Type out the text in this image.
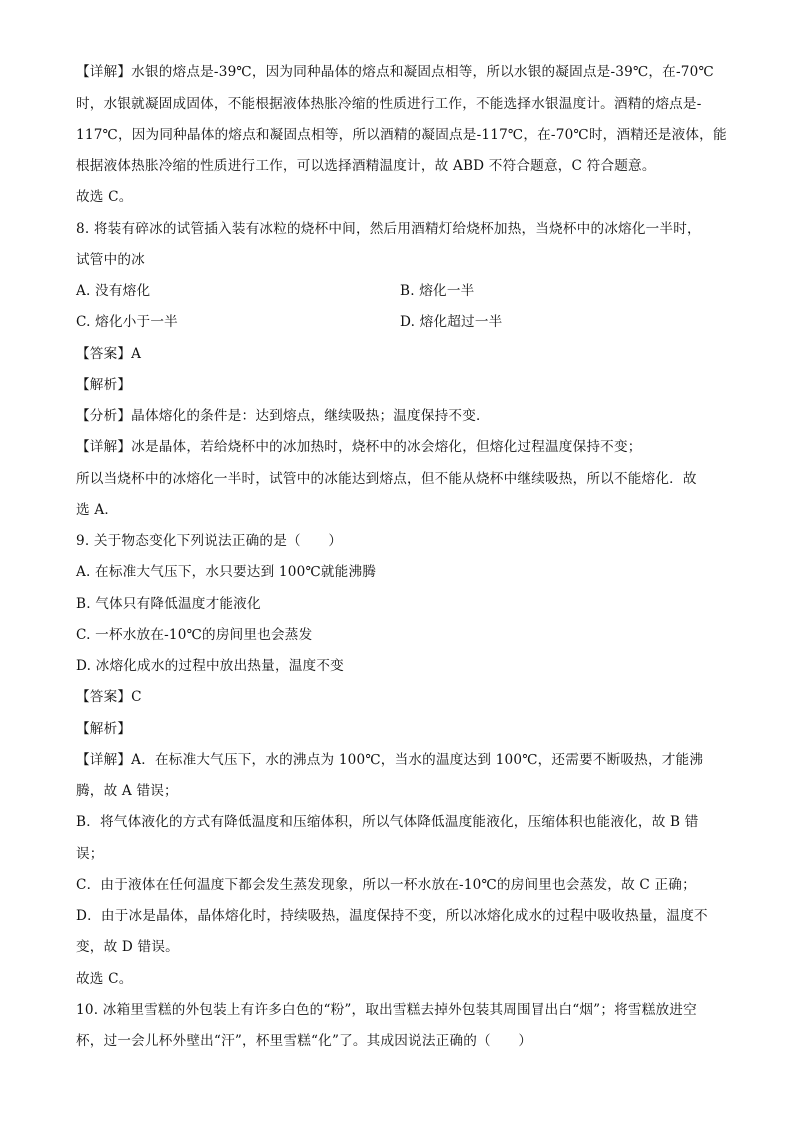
【详解】水银的熔点是-39℃，因为同种晶体的熔点和凝固点相等，所以水银的凝固点是-39℃，在-70℃
时，水银就凝固成固体，不能根据液体热胀冷缩的性质进行工作，不能选择水银温度计。酒精的熔点是-
117℃，因为同种晶体的熔点和凝固点相等，所以酒精的凝固点是-117℃，在-70℃时，酒精还是液体，能
根据液体热胀冷缩的性质进行工作，可以选择酒精温度计，故 ABD 不符合题意，C 符合题意。
故选 C。
8. 将装有碎冰的试管插入装有冰粒的烧杯中间，然后用酒精灯给烧杯加热，当烧杯中的冰熔化一半时，
试管中的冰
A. 没有熔化	B. 熔化一半
C. 熔化小于一半	D. 熔化超过一半
【答案】A
【解析】
【分析】晶体熔化的条件是：达到熔点，继续吸热；温度保持不变．
【详解】冰是晶体，若给烧杯中的冰加热时，烧杯中的冰会熔化，但熔化过程温度保持不变；
所以当烧杯中的冰熔化一半时，试管中的冰能达到熔点，但不能从烧杯中继续吸热，所以不能熔化．故
选 A．
9. 关于物态变化下列说法正确的是（　　）
A. 在标准大气压下，水只要达到 100℃就能沸腾
B. 气体只有降低温度才能液化
C. 一杯水放在-10℃的房间里也会蒸发
D. 冰熔化成水的过程中放出热量，温度不变
【答案】C
【解析】
【详解】A．在标准大气压下，水的沸点为 100℃，当水的温度达到 100℃，还需要不断吸热，才能沸
腾，故 A 错误；
B．将气体液化的方式有降低温度和压缩体积，所以气体降低温度能液化，压缩体积也能液化，故 B 错
误；
C．由于液体在任何温度下都会发生蒸发现象，所以一杯水放在-10℃的房间里也会蒸发，故 C 正确；
D．由于冰是晶体，晶体熔化时，持续吸热，温度保持不变，所以冰熔化成水的过程中吸收热量，温度不
变，故 D 错误。
故选 C。
10. 冰箱里雪糕的外包装上有许多白色的“粉”，取出雪糕去掉外包装其周围冒出白“烟”；将雪糕放进空
杯，过一会儿杯外壁出“汗”，杯里雪糕“化”了。其成因说法正确的（　　）
